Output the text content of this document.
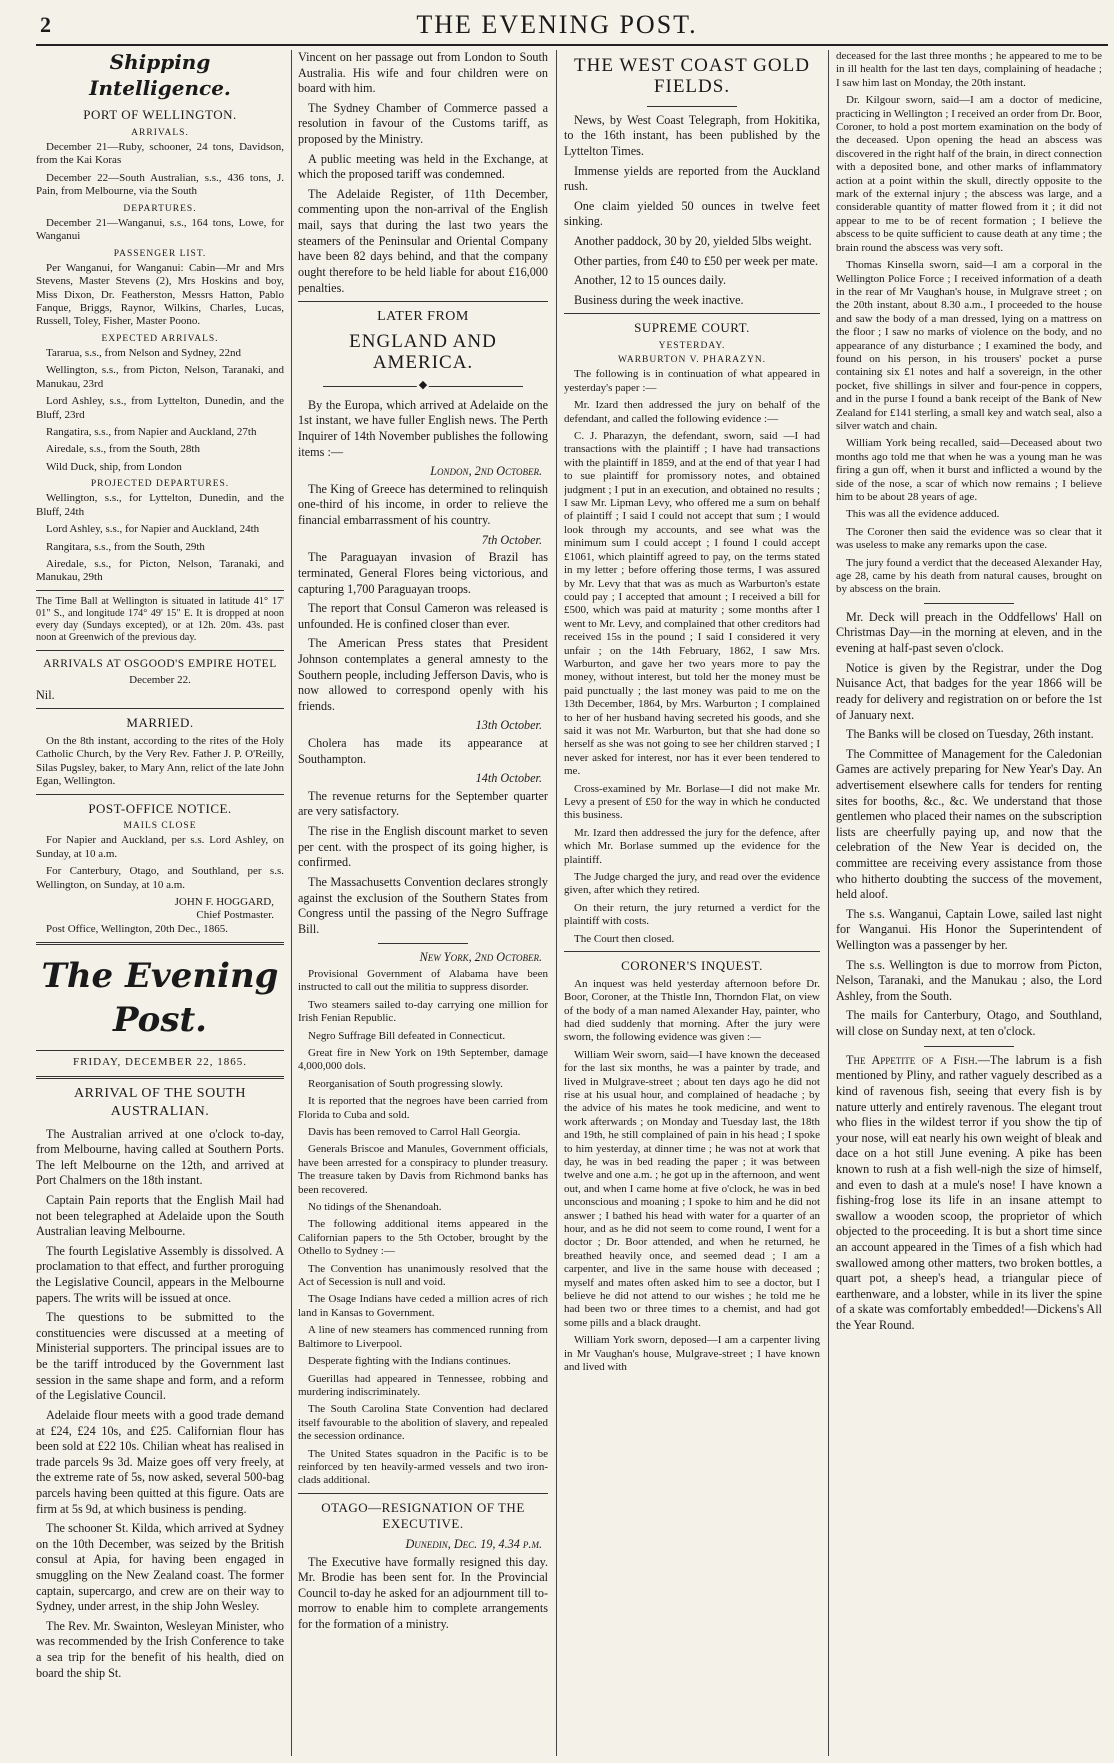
2	THE EVENING POST.
Shipping Intelligence.
PORT OF WELLINGTON.
ARRIVALS.

December 21—Ruby, schooner, 24 tons, Davidson, from the Kai Koras

December 22—South Australian, s.s., 436 tons, J. Pain, from Melbourne, via the South

DEPARTURES.

December 21—Wanganui, s.s., 164 tons, Lowe, for Wanganui

PASSENGER LIST.

Per Wanganui, for Wanganui: Cabin—Mr and Mrs Stevens, Master Stevens (2), Mrs Hoskins and boy, Miss Dixon, Dr. Featherston, Messrs Hatton, Pablo Fanque, Briggs, Raynor, Wilkins, Charles, Lucas, Russell, Toley, Fisher, Master Poono.

EXPECTED ARRIVALS.

Tararua, s.s., from Nelson and Sydney, 22nd

Wellington, s.s., from Picton, Nelson, Taranaki, and Manukau, 23rd

Lord Ashley, s.s., from Lyttelton, Dunedin, and the Bluff, 23rd

Rangatira, s.s., from Napier and Auckland, 27th

Airedale, s.s., from the South, 28th

Wild Duck, ship, from London

PROJECTED DEPARTURES.

Wellington, s.s., for Lyttelton, Dunedin, and the Bluff, 24th

Lord Ashley, s.s., for Napier and Auckland, 24th

Rangitara, s.s., from the South, 29th

Airedale, s.s., for Picton, Nelson, Taranaki, and Manukau, 29th

The Time Ball at Wellington is situated in latitude 41° 17' 01" S., and longitude 174° 49' 15" E. It is dropped at noon every day (Sundays excepted), or at 12h. 20m. 43s. past noon at Greenwich of the previous day.

ARRIVALS AT OSGOOD'S EMPIRE HOTEL
December 22.

Nil.

MARRIED.

On the 8th instant, according to the rites of the Holy Catholic Church, by the Very Rev. Father J. P. O'Reilly, Silas Pugsley, baker, to Mary Ann, relict of the late John Egan, Wellington.

POST-OFFICE NOTICE.
MAILS CLOSE

For Napier and Auckland, per s.s. Lord Ashley, on Sunday, at 10 a.m.

For Canterbury, Otago, and Southland, per s.s. Wellington, on Sunday, at 10 a.m.

JOHN F. HOGGARD,
Chief Postmaster.

Post Office, Wellington, 20th Dec., 1865.

The Evening Post.
FRIDAY, DECEMBER 22, 1865.
ARRIVAL OF THE SOUTH AUSTRALIAN.

The Australian arrived at one o'clock to-day, from Melbourne, having called at Southern Ports. The left Melbourne on the 12th, and arrived at Port Chalmers on the 18th instant.

Captain Pain reports that the English Mail had not been telegraphed at Adelaide upon the South Australian leaving Melbourne.

The fourth Legislative Assembly is dissolved. A proclamation to that effect, and further proroguing the Legislative Council, appears in the Melbourne papers. The writs will be issued at once.

The questions to be submitted to the constituencies were discussed at a meeting of Ministerial supporters. The principal issues are to be the tariff introduced by the Government last session in the same shape and form, and a reform of the Legislative Council.

Adelaide flour meets with a good trade demand at £24, £24 10s, and £25. Californian flour has been sold at £22 10s. Chilian wheat has realised in trade parcels 9s 3d. Maize goes off very freely, at the extreme rate of 5s, now asked, several 500-bag parcels having been quitted at this figure. Oats are firm at 5s 9d, at which business is pending.

The schooner St. Kilda, which arrived at Sydney on the 10th December, was seized by the British consul at Apia, for having been engaged in smuggling on the New Zealand coast. The former captain, supercargo, and crew are on their way to Sydney, under arrest, in the ship John Wesley.

The Rev. Mr. Swainton, Wesleyan Minister, who was recommended by the Irish Conference to take a sea trip for the benefit of his health, died on board the ship St.

Vincent on her passage out from London to South Australia. His wife and four children were on board with him.

The Sydney Chamber of Commerce passed a resolution in favour of the Customs tariff, as proposed by the Ministry.

A public meeting was held in the Exchange, at which the proposed tariff was condemned.

The Adelaide Register, of 11th December, commenting upon the non-arrival of the English mail, says that during the last two years the steamers of the Peninsular and Oriental Company have been 82 days behind, and that the company ought therefore to be held liable for about £16,000 penalties.

LATER FROM
ENGLAND AND AMERICA.
◆

By the Europa, which arrived at Adelaide on the 1st instant, we have fuller English news. The Perth Inquirer of 14th November publishes the following items :—

London, 2nd October.

The King of Greece has determined to relinquish one-third of his income, in order to relieve the financial embarrassment of his country.

7th October.

The Paraguayan invasion of Brazil has terminated, General Flores being victorious, and capturing 1,700 Paraguayan troops.

The report that Consul Cameron was released is unfounded. He is confined closer than ever.

The American Press states that President Johnson contemplates a general amnesty to the Southern people, including Jefferson Davis, who is now allowed to correspond openly with his friends.

13th October.

Cholera has made its appearance at Southampton.

14th October.

The revenue returns for the September quarter are very satisfactory.

The rise in the English discount market to seven per cent. with the prospect of its going higher, is confirmed.

The Massachusetts Convention declares strongly against the exclusion of the Southern States from Congress until the passing of the Negro Suffrage Bill.

New York, 2nd October.

Provisional Government of Alabama have been instructed to call out the militia to suppress disorder.

Two steamers sailed to-day carrying one million for Irish Fenian Republic.

Negro Suffrage Bill defeated in Connecticut.

Great fire in New York on 19th September, damage 4,000,000 dols.

Reorganisation of South progressing slowly.

It is reported that the negroes have been carried from Florida to Cuba and sold.

Davis has been removed to Carrol Hall Georgia.

Generals Briscoe and Manules, Government officials, have been arrested for a conspiracy to plunder treasury. The treasure taken by Davis from Richmond banks has been recovered.

No tidings of the Shenandoah.

The following additional items appeared in the Californian papers to the 5th October, brought by the Othello to Sydney :—

The Convention has unanimously resolved that the Act of Secession is null and void.

The Osage Indians have ceded a million acres of rich land in Kansas to Government.

A line of new steamers has commenced running from Baltimore to Liverpool.

Desperate fighting with the Indians continues.

Guerillas had appeared in Tennessee, robbing and murdering indiscriminately.

The South Carolina State Convention had declared itself favourable to the abolition of slavery, and repealed the secession ordinance.

The United States squadron in the Pacific is to be reinforced by ten heavily-armed vessels and two iron-clads additional.

OTAGO—RESIGNATION OF THE EXECUTIVE.
Dunedin, Dec. 19, 4.34 p.m.

The Executive have formally resigned this day. Mr. Brodie has been sent for. In the Provincial Council to-day he asked for an adjournment till to-morrow to enable him to complete arrangements for the formation of a ministry.

THE WEST COAST GOLD FIELDS.

News, by West Coast Telegraph, from Hokitika, to the 16th instant, has been published by the Lyttelton Times.

Immense yields are reported from the Auckland rush.

One claim yielded 50 ounces in twelve feet sinking.

Another paddock, 30 by 20, yielded 5lbs weight.

Other parties, from £40 to £50 per week per mate.

Another, 12 to 15 ounces daily.

Business during the week inactive.

SUPREME COURT.
YESTERDAY.
WARBURTON V. PHARAZYN.

The following is in continuation of what appeared in yesterday's paper :—

Mr. Izard then addressed the jury on behalf of the defendant, and called the following evidence :—

C. J. Pharazyn, the defendant, sworn, said —I had transactions with the plaintiff ; I have had transactions with the plaintiff in 1859, and at the end of that year I had to sue plaintiff for promissory notes, and obtained judgment ; I put in an execution, and obtained no results ; I saw Mr. Lipman Levy, who offered me a sum on behalf of plaintiff ; I said I could not accept that sum ; I would look through my accounts, and see what was the minimum sum I could accept ; I found I could accept £1061, which plaintiff agreed to pay, on the terms stated in my letter ; before offering those terms, I was assured by Mr. Levy that that was as much as Warburton's estate could pay ; I accepted that amount ; I received a bill for £500, which was paid at maturity ; some months after I went to Mr. Levy, and complained that other creditors had received 15s in the pound ; I said I considered it very unfair ; on the 14th February, 1862, I saw Mrs. Warburton, and gave her two years more to pay the money, without interest, but told her the money must be paid punctually ; the last money was paid to me on the 13th December, 1864, by Mrs. Warburton ; I complained to her of her husband having secreted his goods, and she said it was not Mr. Warburton, but that she had done so herself as she was not going to see her children starved ; I never asked for interest, nor has it ever been tendered to me.

Cross-examined by Mr. Borlase—I did not make Mr. Levy a present of £50 for the way in which he conducted this business.

Mr. Izard then addressed the jury for the defence, after which Mr. Borlase summed up the evidence for the plaintiff.

The Judge charged the jury, and read over the evidence given, after which they retired.

On their return, the jury returned a verdict for the plaintiff with costs.

The Court then closed.

CORONER'S INQUEST.

An inquest was held yesterday afternoon before Dr. Boor, Coroner, at the Thistle Inn, Thorndon Flat, on view of the body of a man named Alexander Hay, painter, who had died suddenly that morning. After the jury were sworn, the following evidence was given :—

William Weir sworn, said—I have known the deceased for the last six months, he was a painter by trade, and lived in Mulgrave-street ; about ten days ago he did not rise at his usual hour, and complained of headache ; by the advice of his mates he took medicine, and went to work afterwards ; on Monday and Tuesday last, the 18th and 19th, he still complained of pain in his head ; I spoke to him yesterday, at dinner time ; he was not at work that day, he was in bed reading the paper ; it was between twelve and one a.m. ; he got up in the afternoon, and went out, and when I came home at five o'clock, he was in bed unconscious and moaning ; I spoke to him and he did not answer ; I bathed his head with water for a quarter of an hour, and as he did not seem to come round, I went for a doctor ; Dr. Boor attended, and when he returned, he breathed heavily once, and seemed dead ; I am a carpenter, and live in the same house with deceased ; myself and mates often asked him to see a doctor, but I believe he did not attend to our wishes ; he told me he had been two or three times to a chemist, and had got some pills and a black draught.

William York sworn, deposed—I am a carpenter living in Mr Vaughan's house, Mulgrave-street ; I have known and lived with

deceased for the last three months ; he appeared to me to be in ill health for the last ten days, complaining of headache ; I saw him last on Monday, the 20th instant.

Dr. Kilgour sworn, said—I am a doctor of medicine, practicing in Wellington ; I received an order from Dr. Boor, Coroner, to hold a post mortem examination on the body of the deceased. Upon opening the head an abscess was discovered in the right half of the brain, in direct connection with a deposited bone, and other marks of inflammatory action at a point within the skull, directly opposite to the mark of the external injury ; the abscess was large, and a considerable quantity of matter flowed from it ; it did not appear to me to be of recent formation ; I believe the abscess to be quite sufficient to cause death at any time ; the brain round the abscess was very soft.

Thomas Kinsella sworn, said—I am a corporal in the Wellington Police Force ; I received information of a death in the rear of Mr Vaughan's house, in Mulgrave street ; on the 20th instant, about 8.30 a.m., I proceeded to the house and saw the body of a man dressed, lying on a mattress on the floor ; I saw no marks of violence on the body, and no appearance of any disturbance ; I examined the body, and found on his person, in his trousers' pocket a purse containing six £1 notes and half a sovereign, in the other pocket, five shillings in silver and four-pence in coppers, and in the purse I found a bank receipt of the Bank of New Zealand for £141 sterling, a small key and watch seal, also a silver watch and chain.

William York being recalled, said—Deceased about two months ago told me that when he was a young man he was firing a gun off, when it burst and inflicted a wound by the side of the nose, a scar of which now remains ; I believe him to be about 28 years of age.

This was all the evidence adduced.

The Coroner then said the evidence was so clear that it was useless to make any remarks upon the case.

The jury found a verdict that the deceased Alexander Hay, age 28, came by his death from natural causes, brought on by abscess on the brain.

Mr. Deck will preach in the Oddfellows' Hall on Christmas Day—in the morning at eleven, and in the evening at half-past seven o'clock.

Notice is given by the Registrar, under the Dog Nuisance Act, that badges for the year 1866 will be ready for delivery and registration on or before the 1st of January next.

The Banks will be closed on Tuesday, 26th instant.

The Committee of Management for the Caledonian Games are actively preparing for New Year's Day. An advertisement elsewhere calls for tenders for renting sites for booths, &c., &c. We understand that those gentlemen who placed their names on the subscription lists are cheerfully paying up, and now that the celebration of the New Year is decided on, the committee are receiving every assistance from those who hitherto doubting the success of the movement, held aloof.

The s.s. Wanganui, Captain Lowe, sailed last night for Wanganui. His Honor the Superintendent of Wellington was a passenger by her.

The s.s. Wellington is due to morrow from Picton, Nelson, Taranaki, and the Manukau ; also, the Lord Ashley, from the South.

The mails for Canterbury, Otago, and Southland, will close on Sunday next, at ten o'clock.

The Appetite of a Fish.—The labrum is a fish mentioned by Pliny, and rather vaguely described as a kind of ravenous fish, seeing that every fish is by nature utterly and entirely ravenous. The elegant trout who flies in the wildest terror if you show the tip of your nose, will eat nearly his own weight of bleak and dace on a hot still June evening. A pike has been known to rush at a fish well-nigh the size of himself, and even to dash at a mule's nose! I have known a fishing-frog lose its life in an insane attempt to swallow a wooden scoop, the proprietor of which objected to the proceeding. It is but a short time since an account appeared in the Times of a fish which had swallowed among other matters, two broken bottles, a quart pot, a sheep's head, a triangular piece of earthenware, and a lobster, while in its liver the spine of a skate was comfortably embedded!—Dickens's All the Year Round.
